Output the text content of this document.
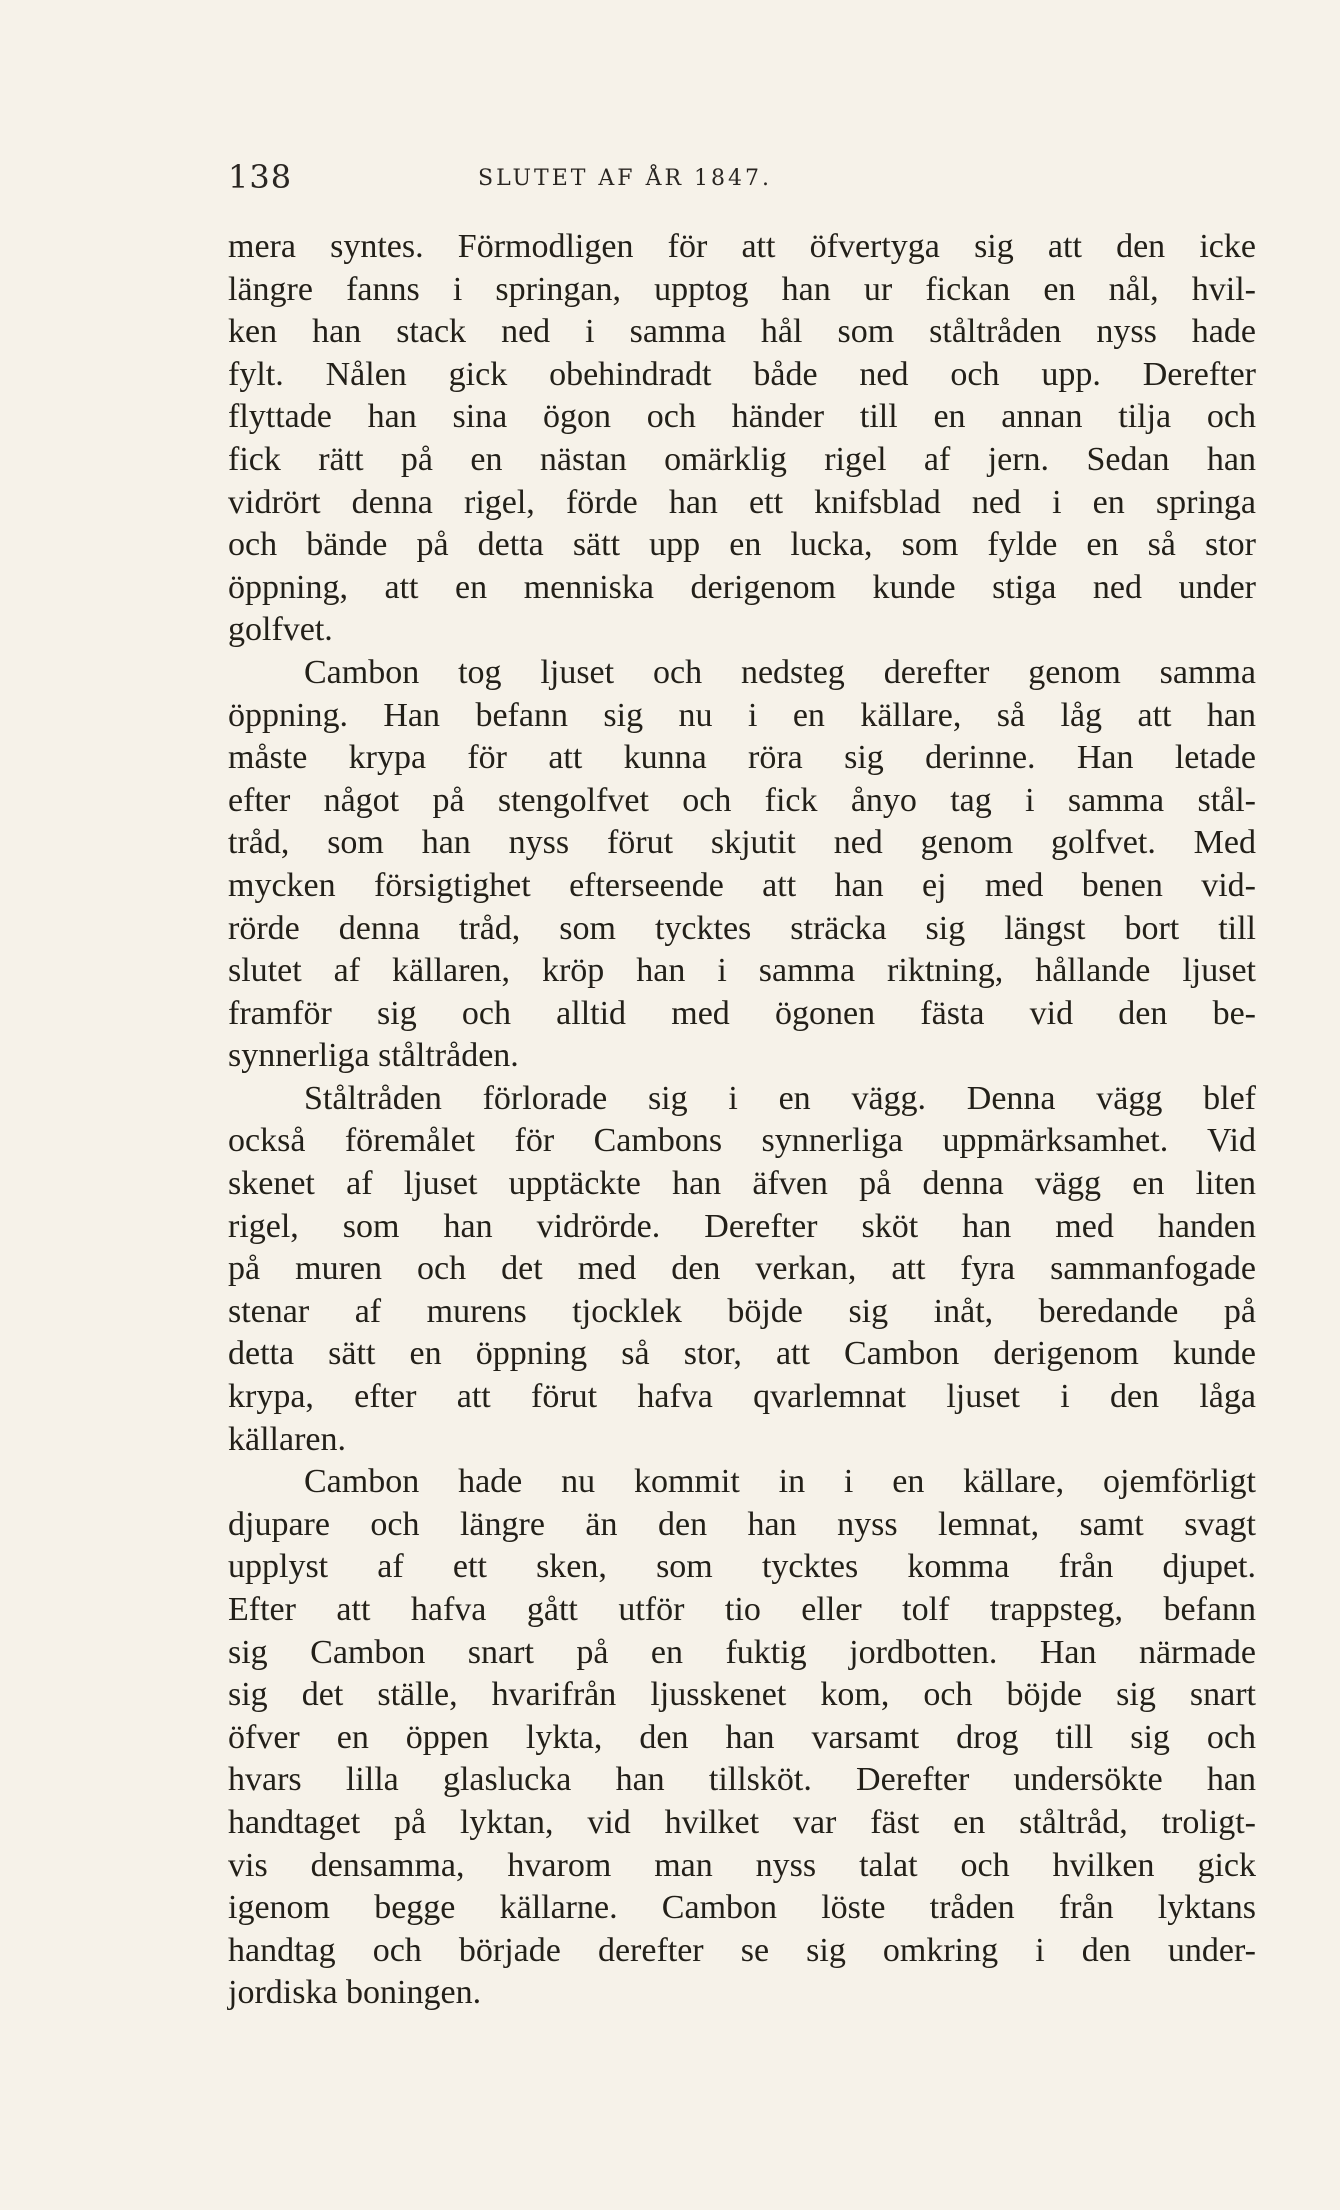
138	SLUTET AF ÅR 1847.
mera syntes. Förmodligen för att öfvertyga sig att den icke
längre fanns i springan, upptog han ur fickan en nål, hvil-
ken han stack ned i samma hål som ståltråden nyss hade
fylt. Nålen gick obehindradt både ned och upp. Derefter
flyttade han sina ögon och händer till en annan tilja och
fick rätt på en nästan omärklig rigel af jern. Sedan han
vidrört denna rigel, förde han ett knifsblad ned i en springa
och bände på detta sätt upp en lucka, som fylde en så stor
öppning, att en menniska derigenom kunde stiga ned under
golfvet.
Cambon tog ljuset och nedsteg derefter genom samma
öppning. Han befann sig nu i en källare, så låg att han
måste krypa för att kunna röra sig derinne. Han letade
efter något på stengolfvet och fick ånyo tag i samma stål-
tråd, som han nyss förut skjutit ned genom golfvet. Med
mycken försigtighet efterseende att han ej med benen vid-
rörde denna tråd, som tycktes sträcka sig längst bort till
slutet af källaren, kröp han i samma riktning, hållande ljuset
framför sig och alltid med ögonen fästa vid den be-
synnerliga ståltråden.
Ståltråden förlorade sig i en vägg. Denna vägg blef
också föremålet för Cambons synnerliga uppmärksamhet. Vid
skenet af ljuset upptäckte han äfven på denna vägg en liten
rigel, som han vidrörde. Derefter sköt han med handen
på muren och det med den verkan, att fyra sammanfogade
stenar af murens tjocklek böjde sig inåt, beredande på
detta sätt en öppning så stor, att Cambon derigenom kunde
krypa, efter att förut hafva qvarlemnat ljuset i den låga
källaren.
Cambon hade nu kommit in i en källare, ojemförligt
djupare och längre än den han nyss lemnat, samt svagt
upplyst af ett sken, som tycktes komma från djupet.
Efter att hafva gått utför tio eller tolf trappsteg, befann
sig Cambon snart på en fuktig jordbotten. Han närmade
sig det ställe, hvarifrån ljusskenet kom, och böjde sig snart
öfver en öppen lykta, den han varsamt drog till sig och
hvars lilla glaslucka han tillsköt. Derefter undersökte han
handtaget på lyktan, vid hvilket var fäst en ståltråd, troligt-
vis densamma, hvarom man nyss talat och hvilken gick
igenom begge källarne. Cambon löste tråden från lyktans
handtag och började derefter se sig omkring i den under-
jordiska boningen.
